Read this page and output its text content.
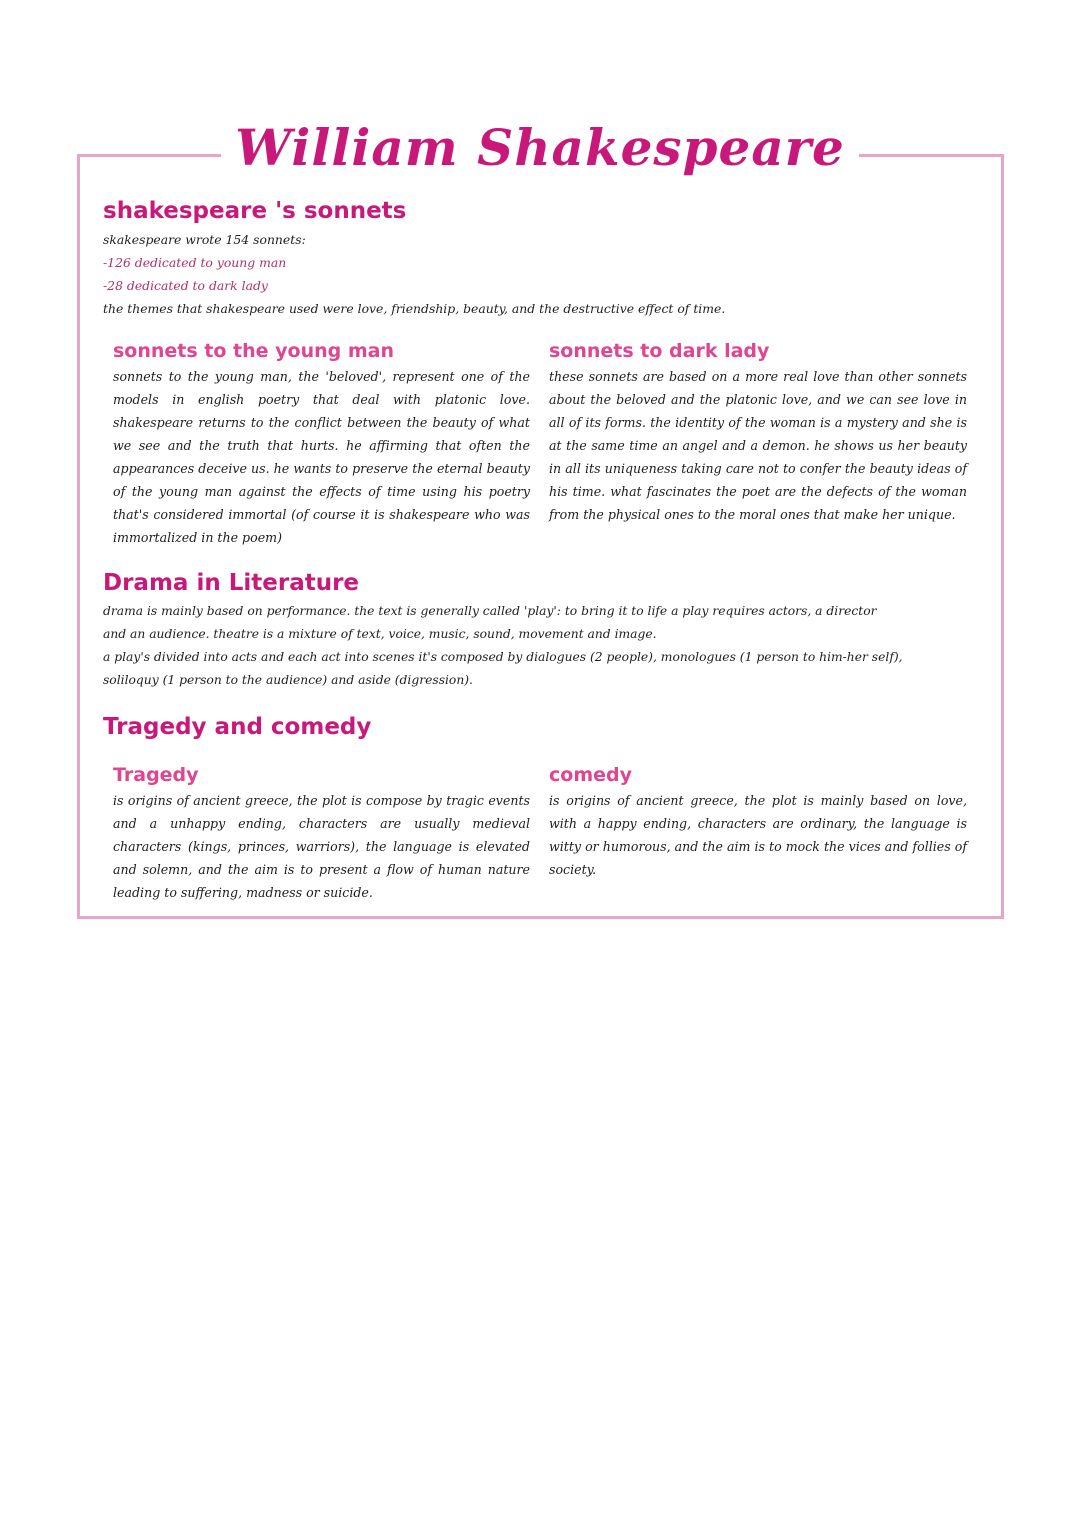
William Shakespeare
shakespeare 's sonnets
skakespeare wrote 154 sonnets:
-126 dedicated to young man
-28 dedicated to dark lady
the themes that shakespeare used were love, friendship, beauty, and the destructive effect of time.
sonnets to the young man

sonnets to the young man, the 'beloved', represent one of the models in english poetry that deal with platonic love. shakespeare returns to the conflict between the beauty of what we see and the truth that hurts. he affirming that often the appearances deceive us. he wants to preserve the eternal beauty of the young man against the effects of time using his poetry that's considered immortal (of course it is shakespeare who was immortalized in the poem)

sonnets to dark lady

these sonnets are based on a more real love than other sonnets about the beloved and the platonic love, and we can see love in all of its forms. the identity of the woman is a mystery and she is at the same time an angel and a demon. he shows us her beauty in all its uniqueness taking care not to confer the beauty ideas of his time. what fascinates the poet are the defects of the woman from the physical ones to the moral ones that make her unique.

Drama in Literature
drama is mainly based on performance. the text is generally called 'play': to bring it to life a play requires actors, a director
and an audience. theatre is a mixture of text, voice, music, sound, movement and image.
a play's divided into acts and each act into scenes it's composed by dialogues (2 people), monologues (1 person to him-her self),
soliloquy (1 person to the audience) and aside (digression).
Tragedy and comedy
Tragedy

is origins of ancient greece, the plot is compose by tragic events and a unhappy ending, characters are usually medieval characters (kings, princes, warriors), the language is elevated and solemn, and the aim is to present a flow of human nature leading to suffering, madness or suicide.

comedy

is origins of ancient greece, the plot is mainly based on love, with a happy ending, characters are ordinary, the language is witty or humorous, and the aim is to mock the vices and follies of society.
